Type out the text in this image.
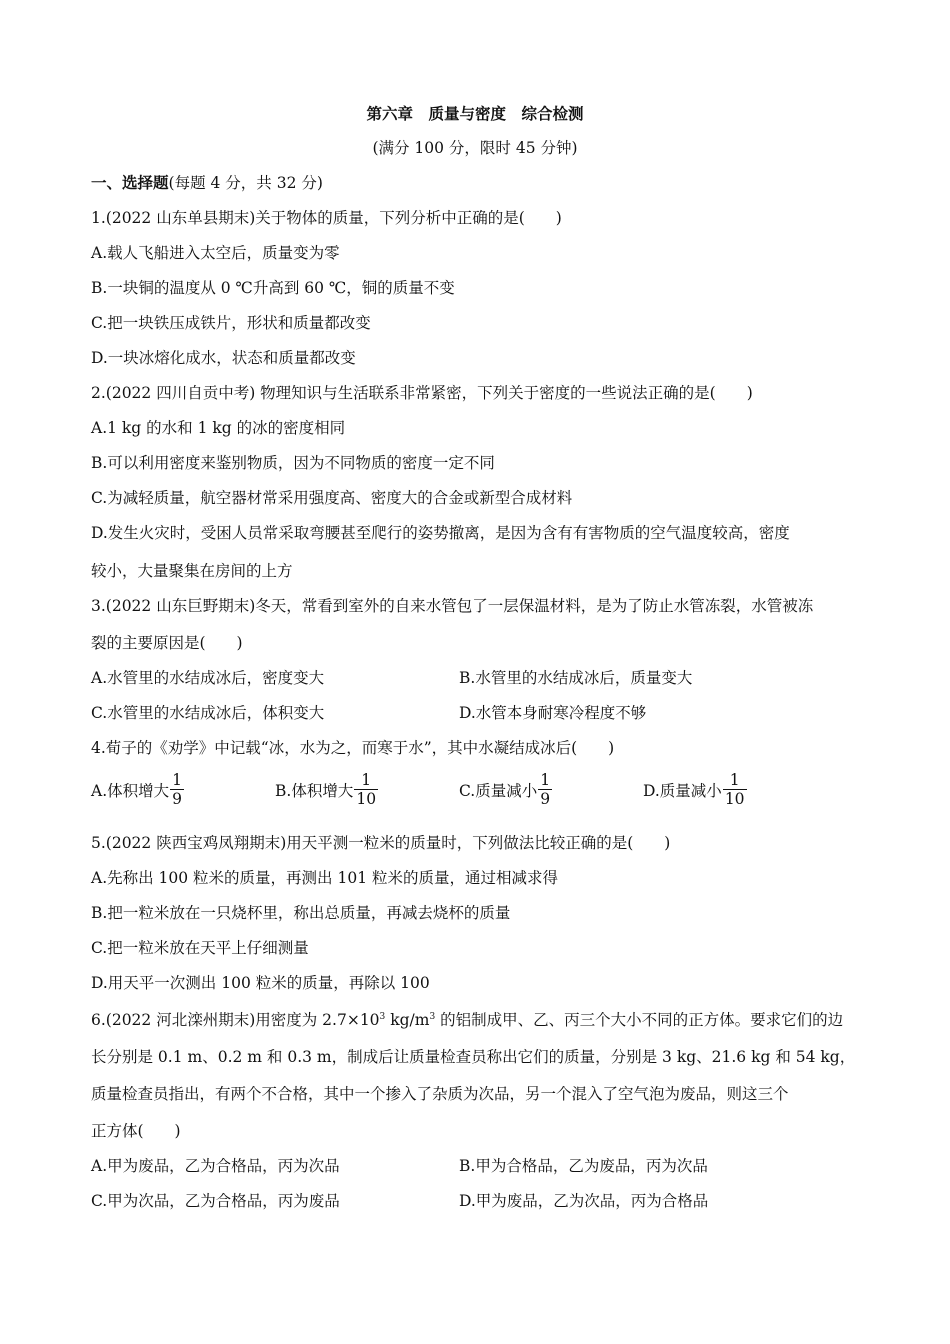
第六章　质量与密度　综合检测
(满分 100 分，限时 45 分钟)
一、选择题(每题 4 分，共 32 分)
1.(2022 山东单县期末)关于物体的质量，下列分析中正确的是(　　)
A.载人飞船进入太空后，质量变为零
B.一块铜的温度从 0 ℃升高到 60 ℃，铜的质量不变
C.把一块铁压成铁片，形状和质量都改变
D.一块冰熔化成水，状态和质量都改变
2.(2022 四川自贡中考) 物理知识与生活联系非常紧密，下列关于密度的一些说法正确的是(　　)
A.1 kg 的水和 1 kg 的冰的密度相同
B.可以利用密度来鉴别物质，因为不同物质的密度一定不同
C.为减轻质量，航空器材常采用强度高、密度大的合金或新型合成材料
D.发生火灾时，受困人员常采取弯腰甚至爬行的姿势撤离，是因为含有有害物质的空气温度较高，密度
较小，大量聚集在房间的上方
3.(2022 山东巨野期末)冬天，常看到室外的自来水管包了一层保温材料，是为了防止水管冻裂，水管被冻
裂的主要原因是(　　)
A.水管里的水结成冰后，密度变大	B.水管里的水结成冰后，质量变大
C.水管里的水结成冰后，体积变大	D.水管本身耐寒冷程度不够
4.荀子的《劝学》中记载“冰，水为之，而寒于水”，其中水凝结成冰后(　　)
A.体积增大 $\frac{1}{9}$	B.体积增大 $\frac{1}{10}$	C.质量减小 $\frac{1}{9}$	D.质量减小 $\frac{1}{10}$
5.(2022 陕西宝鸡凤翔期末)用天平测一粒米的质量时，下列做法比较正确的是(　　)
A.先称出 100 粒米的质量，再测出 101 粒米的质量，通过相减求得
B.把一粒米放在一只烧杯里，称出总质量，再减去烧杯的质量
C.把一粒米放在天平上仔细测量
D.用天平一次测出 100 粒米的质量，再除以 100
6.(2022 河北滦州期末)用密度为 $2.7\times 10^3$ $kg/m^3$ 的铝制成甲、乙、丙三个大小不同的正方体。要求它们的边
长分别是 0.1 m、0.2 m 和 0.3 m，制成后让质量检查员称出它们的质量，分别是 3 kg、21.6 kg 和 54 kg，
质量检查员指出，有两个不合格，其中一个掺入了杂质为次品，另一个混入了空气泡为废品，则这三个
正方体(　　)
A.甲为废品，乙为合格品，丙为次品	B.甲为合格品，乙为废品，丙为次品
C.甲为次品，乙为合格品，丙为废品	D.甲为废品，乙为次品，丙为合格品
